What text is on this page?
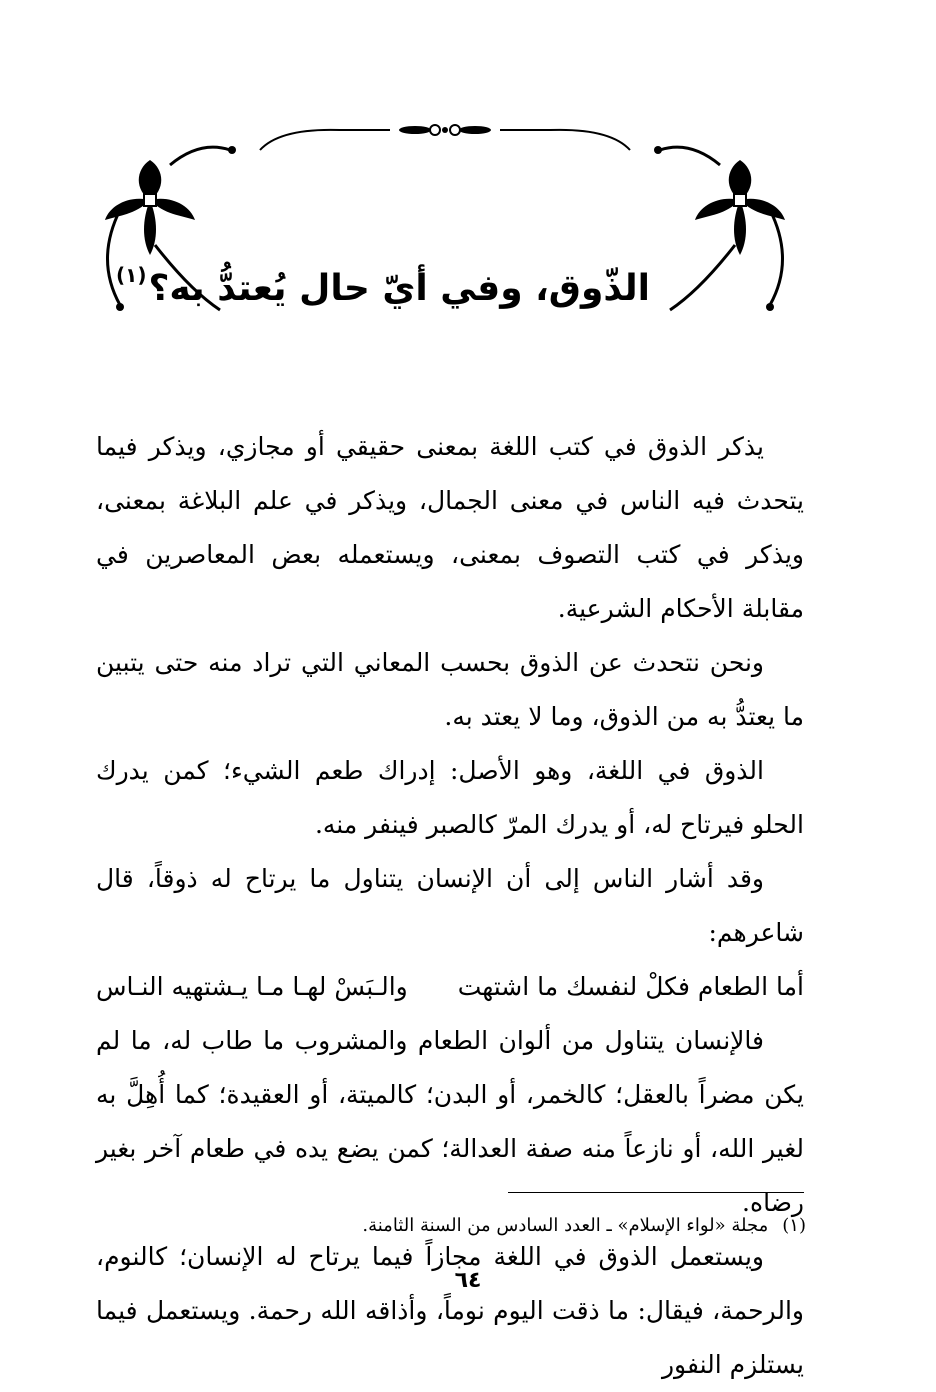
الذّوق، وفي أيّ حال يُعتدُّ به؟$^{(١)}$

يذكر الذوق في كتب اللغة بمعنى حقيقي أو مجازي، ويذكر فيما يتحدث فيه الناس في معنى الجمال، ويذكر في علم البلاغة بمعنى، ويذكر في كتب التصوف بمعنى، ويستعمله بعض المعاصرين في مقابلة الأحكام الشرعية.

ونحن نتحدث عن الذوق بحسب المعاني التي تراد منه حتى يتبين ما يعتدُّ به من الذوق، وما لا يعتد به.

الذوق في اللغة، وهو الأصل: إدراك طعم الشيء؛ كمن يدرك الحلو فيرتاح له، أو يدرك المرّ كالصبر فينفر منه.

وقد أشار الناس إلى أن الإنسان يتناول ما يرتاح له ذوقاً، قال شاعرهم:

أما الطعام فكلْ لنفسك ما اشتهت
والـبَسْ لهـا مـا يـشتهيه النـاس

فالإنسان يتناول من ألوان الطعام والمشروب ما طاب له، ما لم يكن مضراً بالعقل؛ كالخمر، أو البدن؛ كالميتة، أو العقيدة؛ كما أُهِلَّ به لغير الله، أو نازعاً منه صفة العدالة؛ كمن يضع يده في طعام آخر بغير رضاه.

ويستعمل الذوق في اللغة مجازاً فيما يرتاح له الإنسان؛ كالنوم، والرحمة، فيقال: ما ذقت اليوم نوماً، وأذاقه الله رحمة. ويستعمل فيما يستلزم النفور

(١)مجلة «لواء الإسلام» ـ العدد السادس من السنة الثامنة.
٦٤
